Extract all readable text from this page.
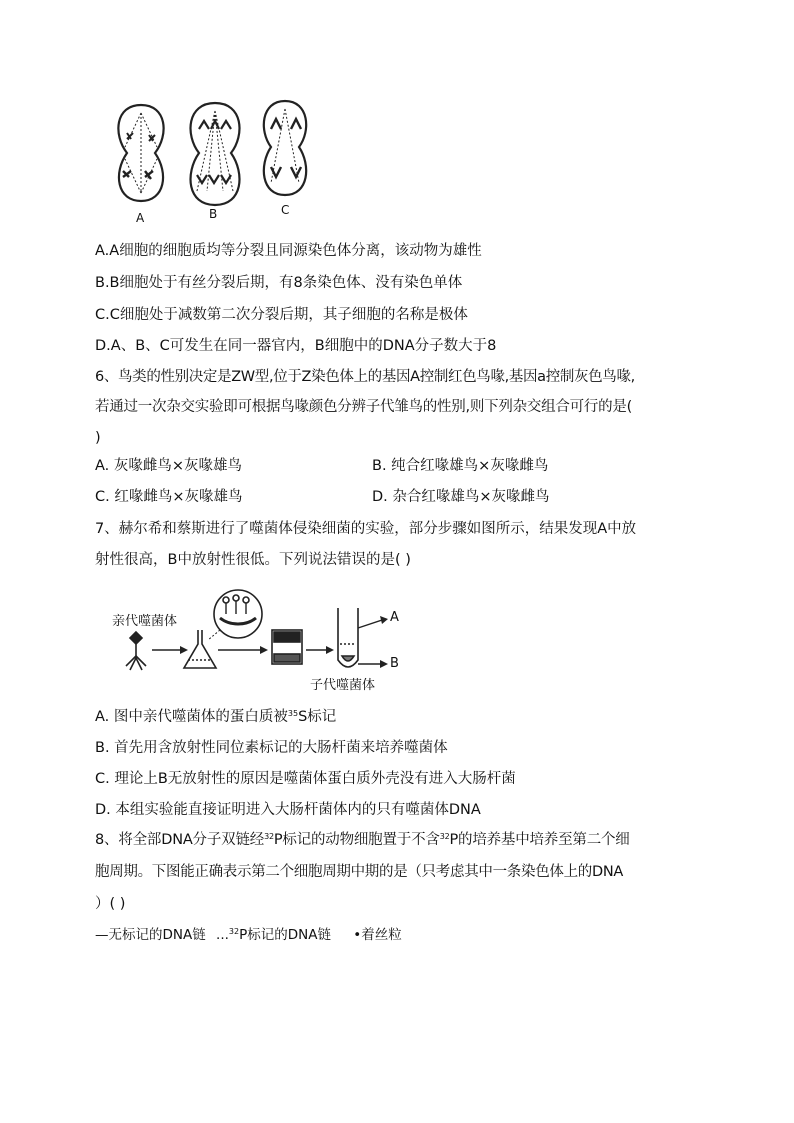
A	B	C
A.A细胞的细胞质均等分裂且同源染色体分离，该动物为雄性
B.B细胞处于有丝分裂后期，有8条染色体、没有染色单体
C.C细胞处于减数第二次分裂后期，其子细胞的名称是极体
D.A、B、C可发生在同一器官内，B细胞中的DNA分子数大于8
6、鸟类的性别决定是ZW型,位于Z染色体上的基因A控制红色鸟喙,基因a控制灰色鸟喙,
若通过一次杂交实验即可根据鸟喙颜色分辨子代雏鸟的性别,则下列杂交组合可行的是(
)
A. 灰喙雌鸟×灰喙雄鸟	B. 纯合红喙雄鸟×灰喙雌鸟
C. 红喙雌鸟×灰喙雄鸟	D. 杂合红喙雄鸟×灰喙雌鸟
7、赫尔希和蔡斯进行了噬菌体侵染细菌的实验，部分步骤如图所示，结果发现A中放
射性很高，B中放射性很低。下列说法错误的是( )
亲代噬菌体
子代噬菌体
A
B
A. 图中亲代噬菌体的蛋白质被$^{35}$S标记
B. 首先用含放射性同位素标记的大肠杆菌来培养噬菌体
C. 理论上B无放射性的原因是噬菌体蛋白质外壳没有进入大肠杆菌
D. 本组实验能直接证明进入大肠杆菌体内的只有噬菌体DNA
8、将全部DNA分子双链经$^{32}$P标记的动物细胞置于不含$^{32}$P的培养基中培养至第二个细
胞周期。下图能正确表示第二个细胞周期中期的是（只考虑其中一条染色体上的DNA
）( )
—无标记的DNA链 ...$^{32}$P标记的DNA链 •着丝粒
